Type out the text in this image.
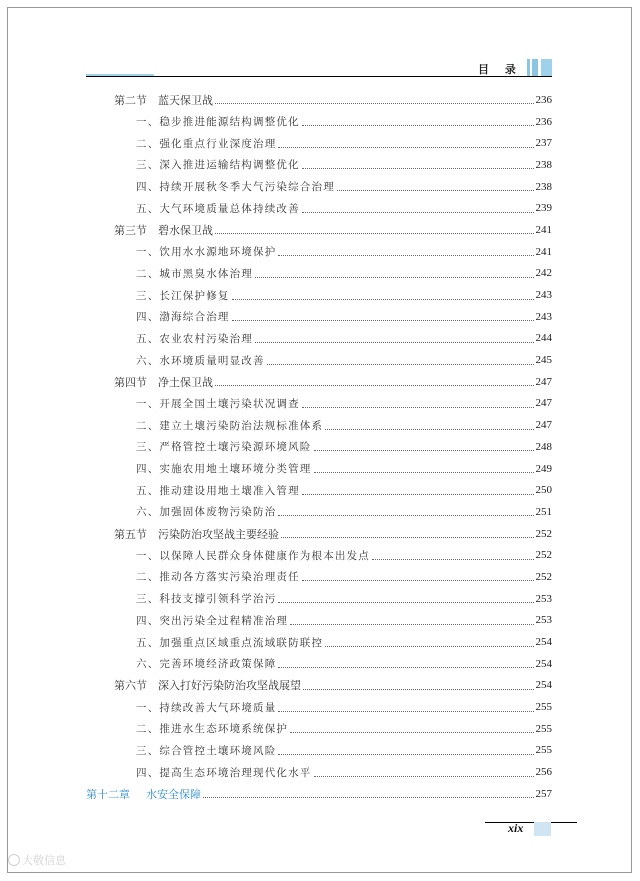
目 录
第二节	蓝天保卫战	236
一、稳步推进能源结构调整优化	236
二、强化重点行业深度治理	237
三、深入推进运输结构调整优化	238
四、持续开展秋冬季大气污染综合治理	238
五、大气环境质量总体持续改善	239
第三节	碧水保卫战	241
一、饮用水水源地环境保护	241
二、城市黑臭水体治理	242
三、长江保护修复	243
四、渤海综合治理	243
五、农业农村污染治理	244
六、水环境质量明显改善	245
第四节	净土保卫战	247
一、开展全国土壤污染状况调查	247
二、建立土壤污染防治法规标准体系	247
三、严格管控土壤污染源环境风险	248
四、实施农用地土壤环境分类管理	249
五、推动建设用地土壤准入管理	250
六、加强固体废物污染防治	251
第五节	污染防治攻坚战主要经验	252
一、以保障人民群众身体健康作为根本出发点	252
二、推动各方落实污染治理责任	252
三、科技支撑引领科学治污	253
四、突出污染全过程精准治理	253
五、加强重点区域重点流域联防联控	254
六、完善环境经济政策保障	254
第六节	深入打好污染防治攻坚战展望	254
一、持续改善大气环境质量	255
二、推进水生态环境系统保护	255
三、综合管控土壤环境风险	255
四、提高生态环境治理现代化水平	256
第十二章	水安全保障	257
xix
大敬信息
